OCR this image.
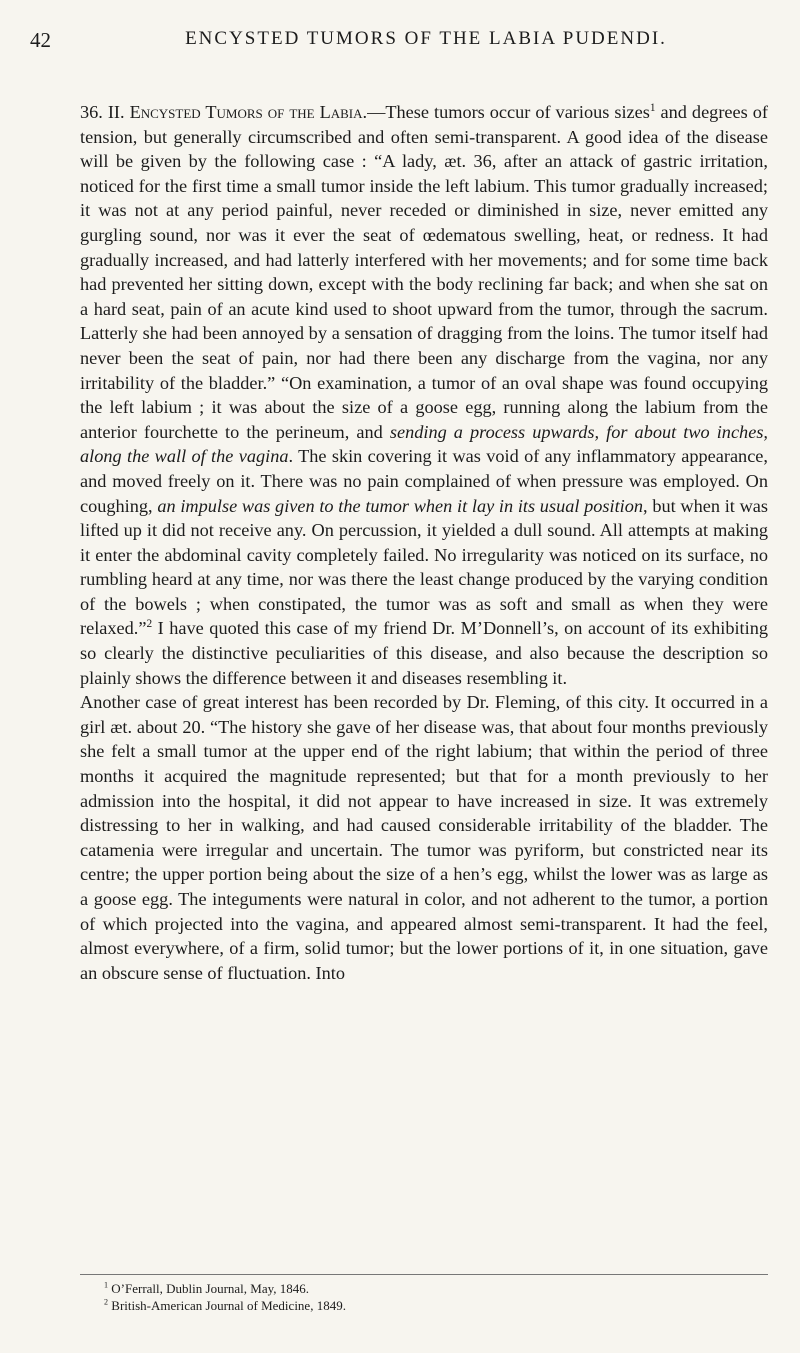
42	ENCYSTED TUMORS OF THE LABIA PUDENDI.

36. II. Encysted Tumors of the Labia.—These tumors occur of various sizes$^1$ and degrees of tension, but generally circumscribed and often semi-transparent. A good idea of the disease will be given by the following case : “A lady, æt. 36, after an attack of gastric irritation, noticed for the first time a small tumor inside the left labium. This tumor gradually increased; it was not at any period painful, never receded or diminished in size, never emitted any gurgling sound, nor was it ever the seat of œdematous swelling, heat, or redness. It had gradually increased, and had latterly interfered with her movements; and for some time back had prevented her sitting down, except with the body reclining far back; and when she sat on a hard seat, pain of an acute kind used to shoot upward from the tumor, through the sacrum. Latterly she had been annoyed by a sensation of dragging from the loins. The tumor itself had never been the seat of pain, nor had there been any discharge from the vagina, nor any irritability of the bladder.” “On examination, a tumor of an oval shape was found occupying the left labium ; it was about the size of a goose egg, running along the labium from the anterior fourchette to the perineum, and sending a process upwards, for about two inches, along the wall of the vagina. The skin covering it was void of any inflammatory appearance, and moved freely on it. There was no pain complained of when pressure was employed. On coughing, an impulse was given to the tumor when it lay in its usual position, but when it was lifted up it did not receive any. On percussion, it yielded a dull sound. All attempts at making it enter the abdominal cavity completely failed. No irregularity was noticed on its surface, no rumbling heard at any time, nor was there the least change produced by the varying condition of the bowels ; when constipated, the tumor was as soft and small as when they were relaxed.”$^2$ I have quoted this case of my friend Dr. M’Donnell’s, on account of its exhibiting so clearly the distinctive peculiarities of this disease, and also because the description so plainly shows the difference between it and diseases resembling it.

Another case of great interest has been recorded by Dr. Fleming, of this city. It occurred in a girl æt. about 20. “The history she gave of her disease was, that about four months previously she felt a small tumor at the upper end of the right labium; that within the period of three months it acquired the magnitude represented; but that for a month previously to her admission into the hospital, it did not appear to have increased in size. It was extremely distressing to her in walking, and had caused considerable irritability of the bladder. The catamenia were irregular and uncertain. The tumor was pyriform, but constricted near its centre; the upper portion being about the size of a hen’s egg, whilst the lower was as large as a goose egg. The integuments were natural in color, and not adherent to the tumor, a portion of which projected into the vagina, and appeared almost semi-transparent. It had the feel, almost everywhere, of a firm, solid tumor; but the lower portions of it, in one situation, gave an obscure sense of fluctuation. Into

$^1$ O’Ferrall, Dublin Journal, May, 1846.
$^2$ British-American Journal of Medicine, 1849.
